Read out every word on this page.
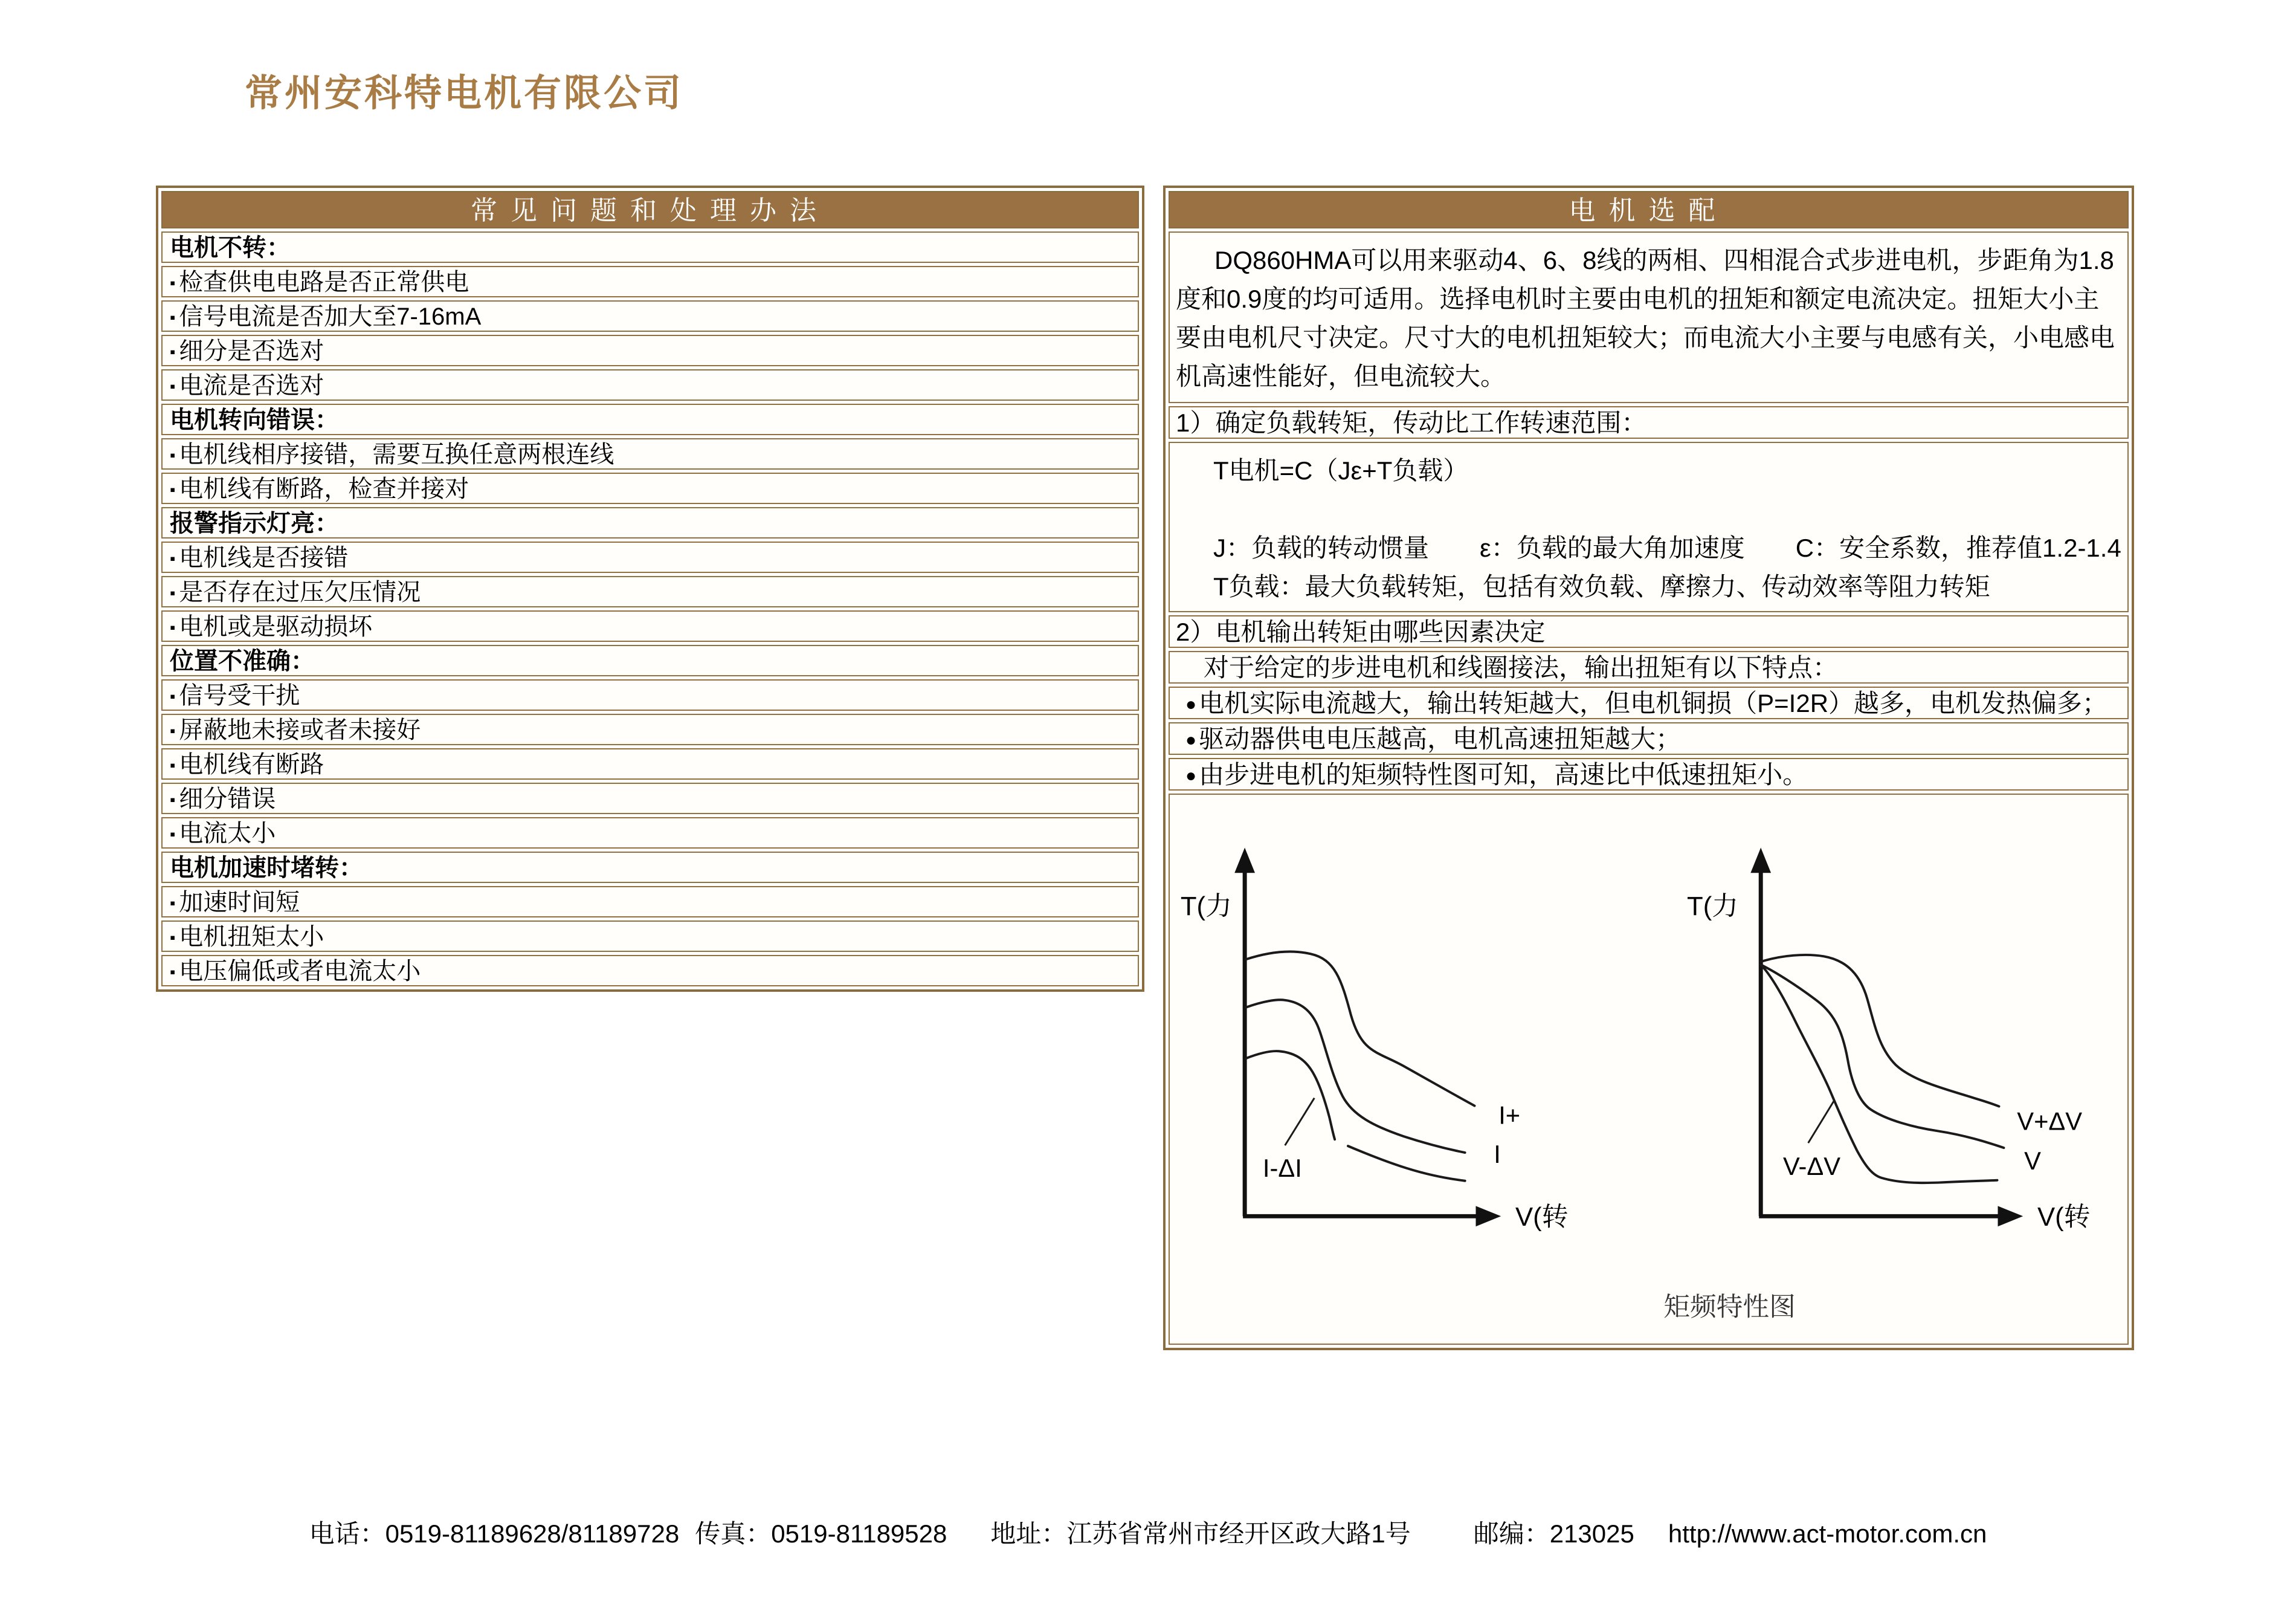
常州安科特电机有限公司
常见问题和处理办法
电机不转：
▪ 检查供电电路是否正常供电
▪ 信号电流是否加大至7-16mA
▪ 细分是否选对
▪ 电流是否选对
电机转向错误：
▪ 电机线相序接错，需要互换任意两根连线
▪ 电机线有断路，检查并接对
报警指示灯亮：
▪ 电机线是否接错
▪ 是否存在过压欠压情况
▪ 电机或是驱动损坏
位置不准确：
▪ 信号受干扰
▪ 屏蔽地未接或者未接好
▪ 电机线有断路
▪ 细分错误
▪ 电流太小
电机加速时堵转：
▪ 加速时间短
▪ 电机扭矩太小
▪ 电压偏低或者电流太小
电机选配
DQ860HMA可以用来驱动4、6、8线的两相、四相混合式步进电机，步距角为1.8度和0.9度的均可适用。选择电机时主要由电机的扭矩和额定电流决定。扭矩大小主要由电机尺寸决定。尺寸大的电机扭矩较大；而电流大小主要与电感有关，小电感电机高速性能好，但电流较大。
1）确定负载转矩，传动比工作转速范围：
T电机=C（Jε+T负载）
J：负载的转动惯量　　ε：负载的最大角加速度　　C：安全系数，推荐值1.2-1.4
T负载：最大负载转矩，包括有效负载、摩擦力、传动效率等阻力转矩
2）电机输出转矩由哪些因素决定
对于给定的步进电机和线圈接法，输出扭矩有以下特点：
●电机实际电流越大，输出转矩越大，但电机铜损（P=I2R）越多，电机发热偏多；
●驱动器供电电压越高，电机高速扭矩越大；
●由步进电机的矩频特性图可知，高速比中低速扭矩小。
T(力
V(转
I+
I
I-ΔI
T(力
V(转
V+ΔV
V
V-ΔV
矩频特性图
电话：0519-81189628/81189728 传真：0519-81189528 地址：江苏省常州市经开区政大路1号 邮编：213025 http://www.act-motor.com.cn
